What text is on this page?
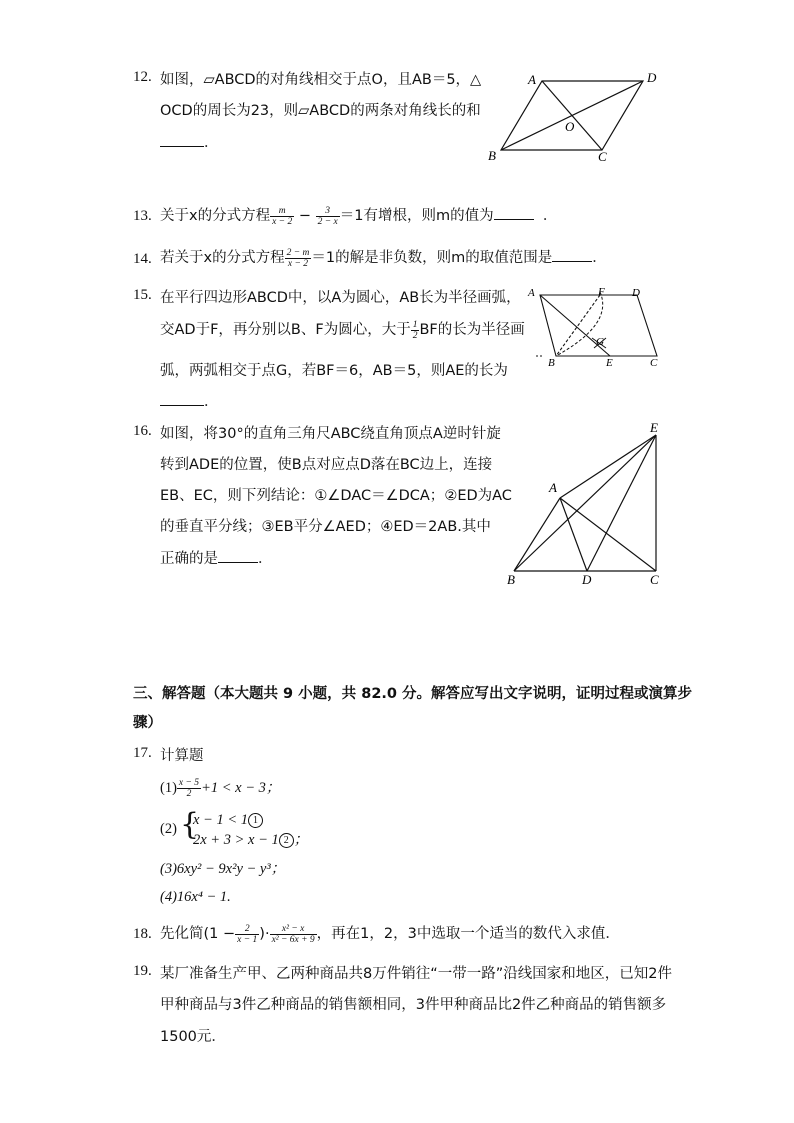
12. 如图，▱ABCD的对角线相交于点O，且AB＝5，△
OCD的周长为23，则▱ABCD的两条对角线长的和
．
A	D
B	C
O
13. 关于x的分式方程 $\frac{m}{x - 2} - \frac{3}{2 - x} =1$有增根，则m的值为	．
14. 若关于x的分式方程 $\frac{2 - m}{x - 2} =1$的解是非负数，则m的取值范围是	．
15. 在平行四边形ABCD中，以A为圆心，AB长为半径画弧，
交AD于F，再分别以B、F为圆心，大于 $\frac{1}{2}$ BF的长为半径画
弧，两弧相交于点G，若BF＝6，AB＝5，则AE的长为
．
A	F D
G
B	E	C
16. 如图，将30°的直角三角尺ABC绕直角顶点A逆时针旋
转到ADE的位置，使B点对应点D落在BC边上，连接
EB、EC，则下列结论：①∠DAC＝∠DCA；②ED为AC
的垂直平分线；③EB平分∠AED；④ED＝2AB.其中
正确的是	．
E
A
B	D	C
三、解答题（本大题共 9 小题，共 82.0 分。解答应写出文字说明，证明过程或演算步
骤）
17. 计算题
$(1) \frac{x - 5}{2} +1 < x - 3$；
(2) {
x − 1 < 1 1
2x + 3 > x − 1 2 ；
(3)6xy² − 9x²y − y³；
(4)16x⁴ − 1.
18. 先化简($1 - \frac{2}{x - 1}$ )· $\frac{\text{x² − x}}{\text{x² − 6x + 9}}$ ，再在1，2，3中选取一个适当的数代入求值．
19. 某厂准备生产甲、乙两种商品共8万件销往“一带一路”沿线国家和地区，已知2件
甲种商品与3件乙种商品的销售额相同，3件甲种商品比2件乙种商品的销售额多
1500元．
